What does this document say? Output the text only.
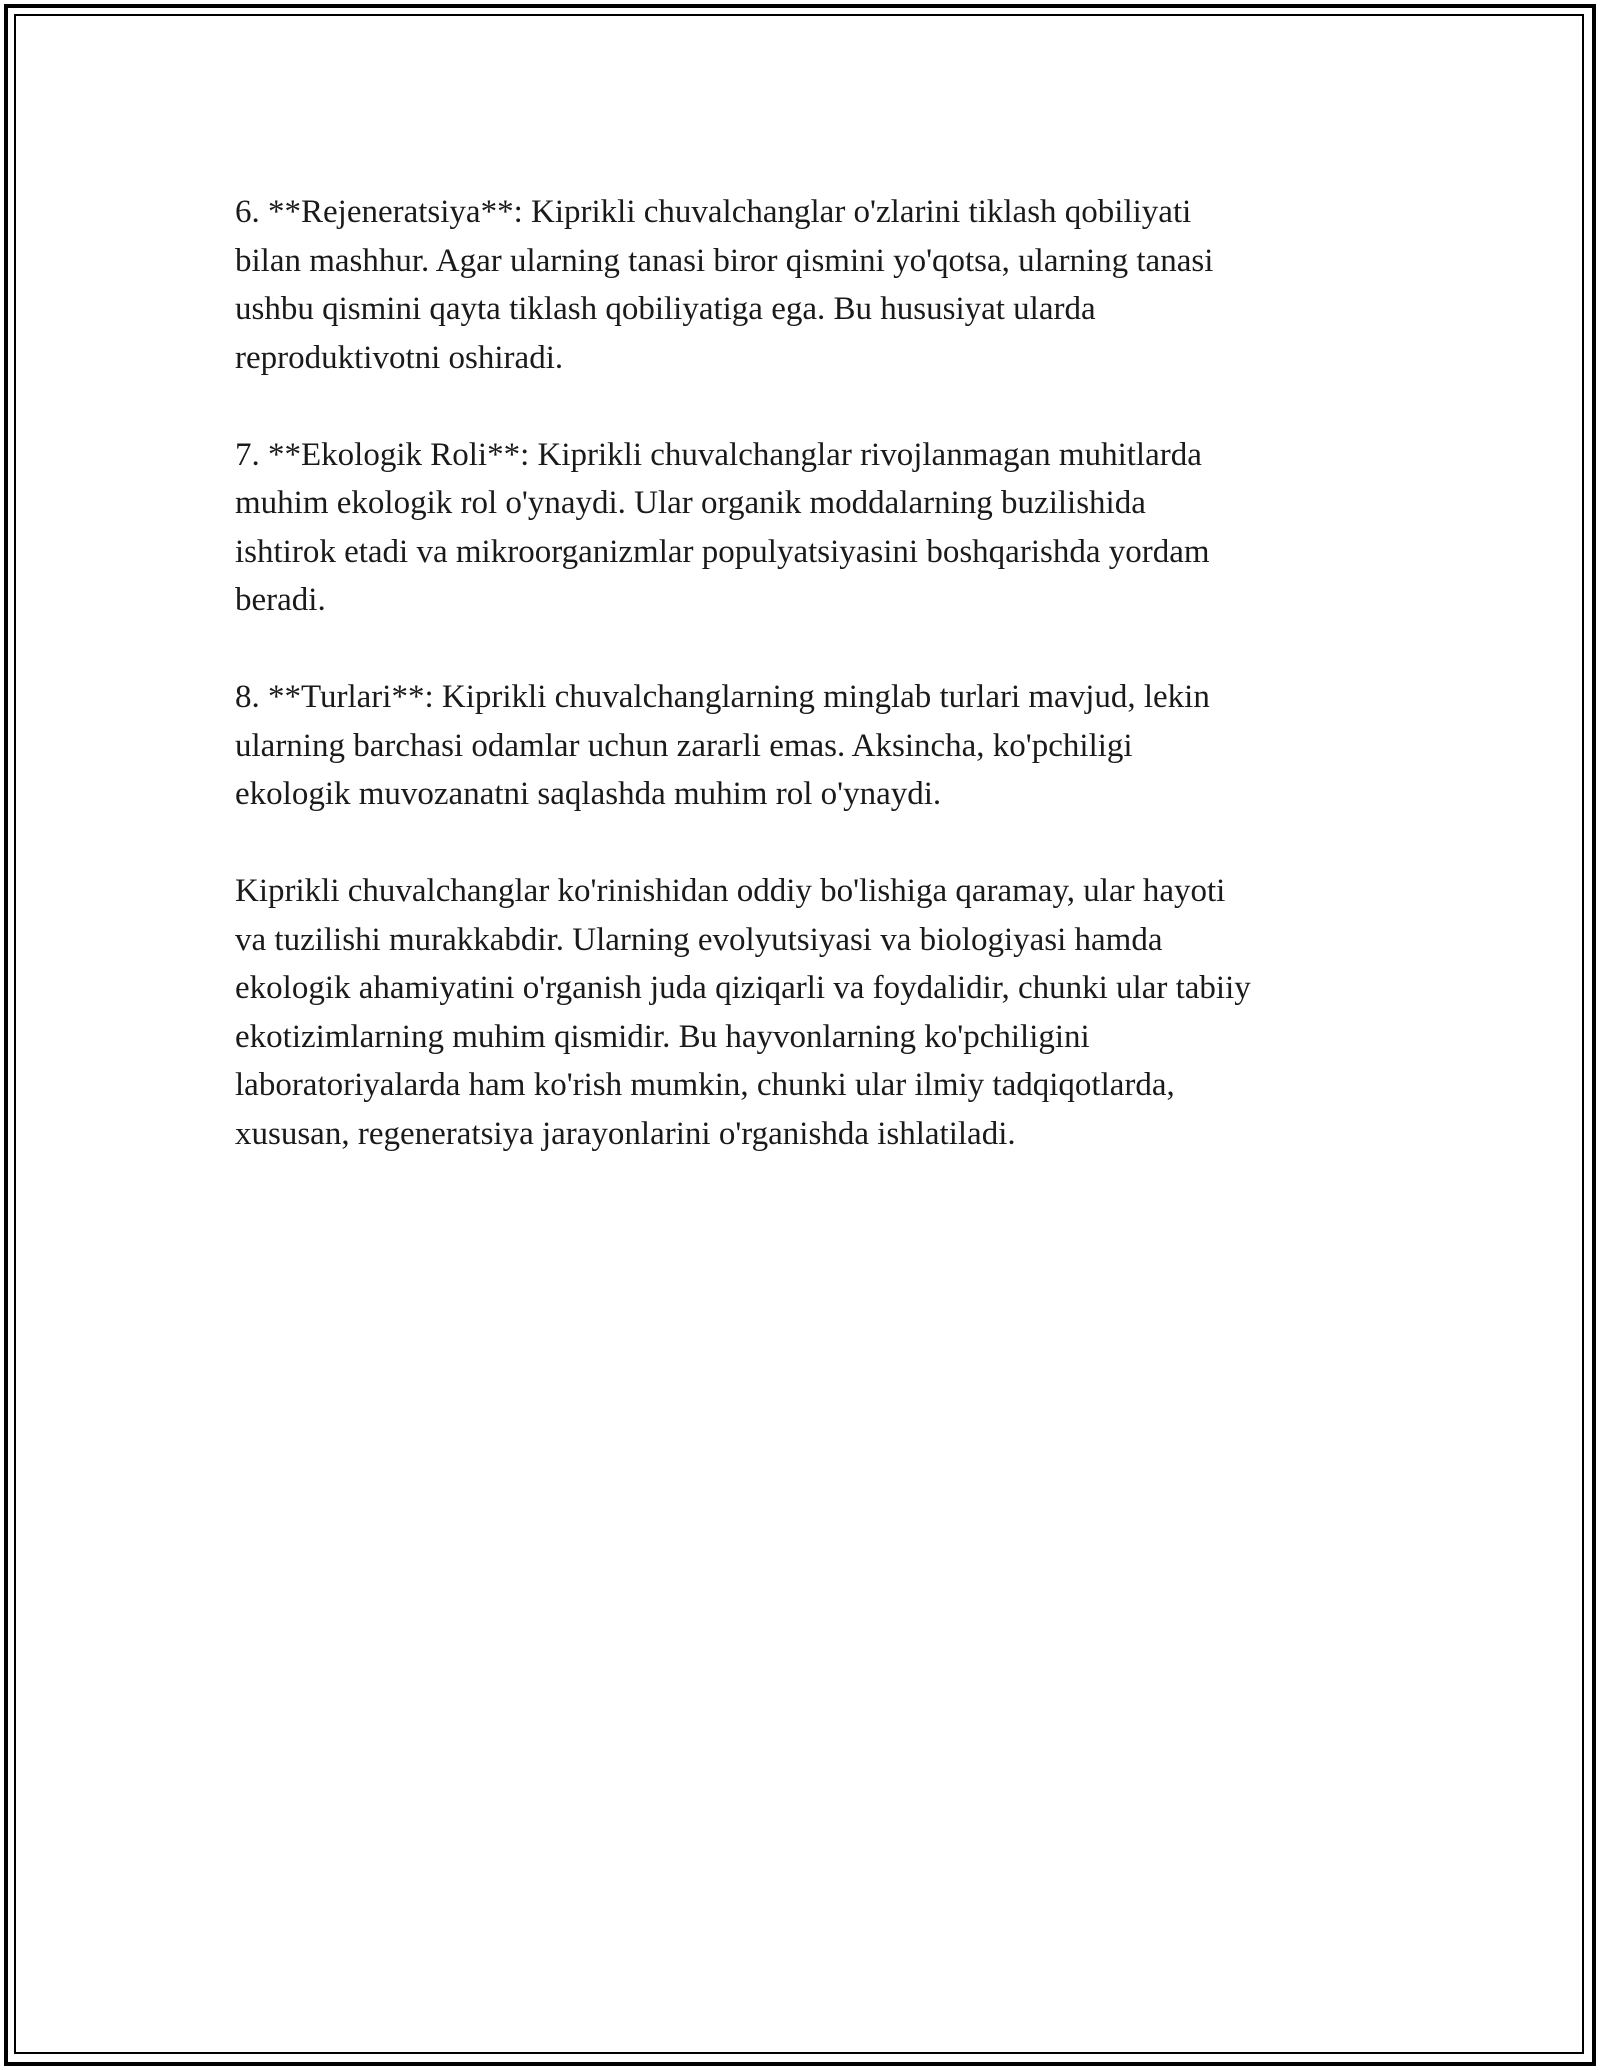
6. **Rejeneratsiya**: Kiprikli chuvalchanglar o'zlarini tiklash qobiliyati
bilan mashhur. Agar ularning tanasi biror qismini yo'qotsa, ularning tanasi
ushbu qismini qayta tiklash qobiliyatiga ega. Bu hususiyat ularda
reproduktivotni oshiradi.

7. **Ekologik Roli**: Kiprikli chuvalchanglar rivojlanmagan muhitlarda
muhim ekologik rol o'ynaydi. Ular organik moddalarning buzilishida
ishtirok etadi va mikroorganizmlar populyatsiyasini boshqarishda yordam
beradi.

8. **Turlari**: Kiprikli chuvalchanglarning minglab turlari mavjud, lekin
ularning barchasi odamlar uchun zararli emas. Aksincha, ko'pchiligi
ekologik muvozanatni saqlashda muhim rol o'ynaydi.

Kiprikli chuvalchanglar ko'rinishidan oddiy bo'lishiga qaramay, ular hayoti
va tuzilishi murakkabdir. Ularning evolyutsiyasi va biologiyasi hamda
ekologik ahamiyatini o'rganish juda qiziqarli va foydalidir, chunki ular tabiiy
ekotizimlarning muhim qismidir. Bu hayvonlarning ko'pchiligini
laboratoriyalarda ham ko'rish mumkin, chunki ular ilmiy tadqiqotlarda,
xususan, regeneratsiya jarayonlarini o'rganishda ishlatiladi.
